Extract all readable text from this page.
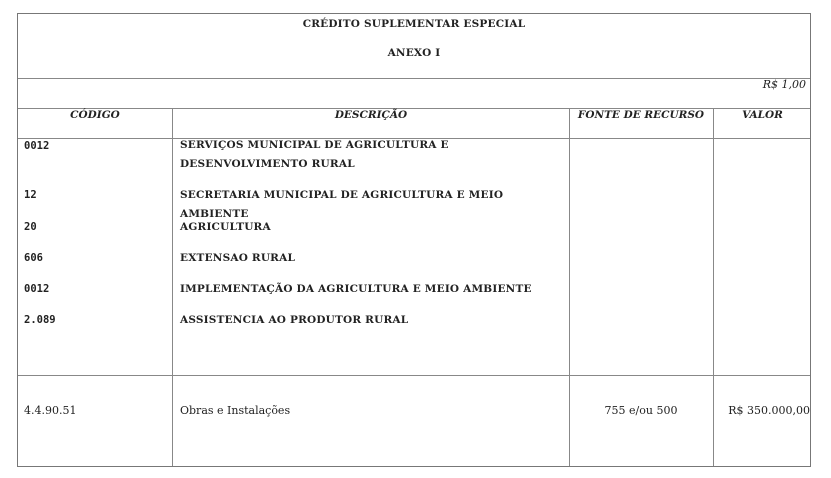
CRÉDITO SUPLEMENTAR ESPECIAL
ANEXO I
R$ 1,00
CÓDIGO	DESCRIÇÃO	FONTE DE RECURSO	VALOR
0012	SERVIÇOS MUNICIPAL DE AGRICULTURA E DESENVOLVIMENTO RURAL
12	SECRETARIA MUNICIPAL DE AGRICULTURA E MEIO AMBIENTE
20	AGRICULTURA
606	EXTENSAO RURAL
0012	IMPLEMENTAÇÃO DA AGRICULTURA E MEIO AMBIENTE
2.089	ASSISTENCIA AO PRODUTOR RURAL
4.4.90.51	Obras e Instalações	755 e/ou 500	R$ 350.000,00
